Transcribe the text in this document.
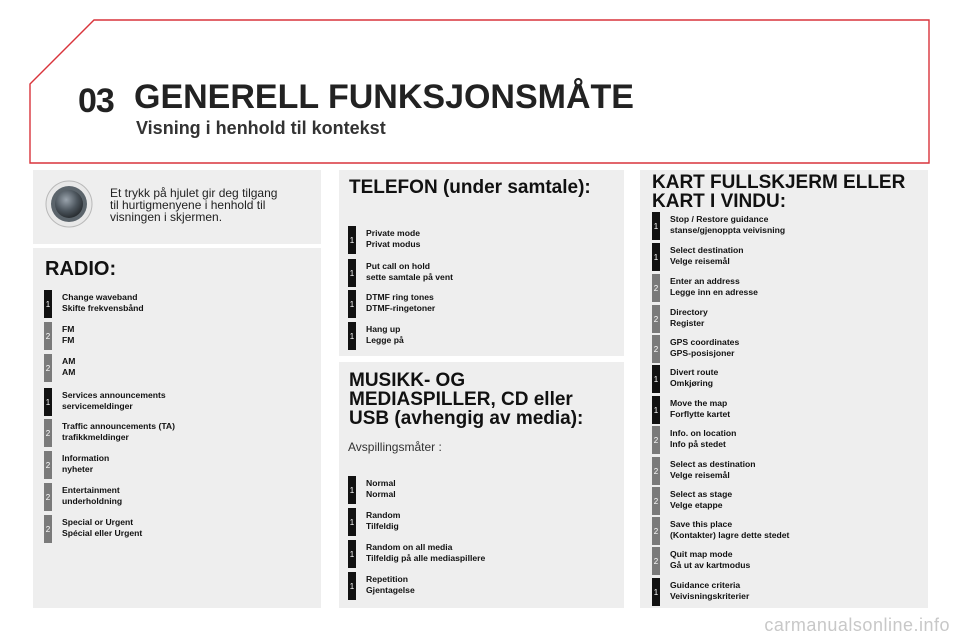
03 GENERELL FUNKSJONSMÅTE
Visning i henhold til kontekst
Et trykk på hjulet gir deg tilgang
til hurtigmenyene i henhold til
visningen i skjermen.
RADIO:
TELEFON (under samtale):
MUSIKK- OG
MEDIASPILLER, CD eller
USB (avhengig av media):
Avspillingsmåter :
KART FULLSKJERM ELLER
KART I VINDU:
1
Change waveband
Skifte frekvensbånd
2
FM
FM
2
AM
AM
1
Services announcements
servicemeldinger
2
Traffic announcements (TA)
trafikkmeldinger
2
Information
nyheter
2
Entertainment
underholdning
2
Special or Urgent
Spécial eller Urgent
1
Private mode
Privat modus
1
Put call on hold
sette samtale på vent
1
DTMF ring tones
DTMF-ringetoner
1
Hang up
Legge på
1
Normal
Normal
1
Random
Tilfeldig
1
Random on all media
Tilfeldig på alle mediaspillere
1
Repetition
Gjentagelse
1
Stop / Restore guidance
stanse/gjenoppta veivisning
1
Select destination
Velge reisemål
2
Enter an address
Legge inn en adresse
2
Directory
Register
2
GPS coordinates
GPS-posisjoner
1
Divert route
Omkjøring
1
Move the map
Forflytte kartet
2
Info. on location
Info på stedet
2
Select as destination
Velge reisemål
2
Select as stage
Velge etappe
2
Save this place
(Kontakter) lagre dette stedet
2
Quit map mode
Gå ut av kartmodus
1
Guidance criteria
Veivisningskriterier
carmanualsonline.info
